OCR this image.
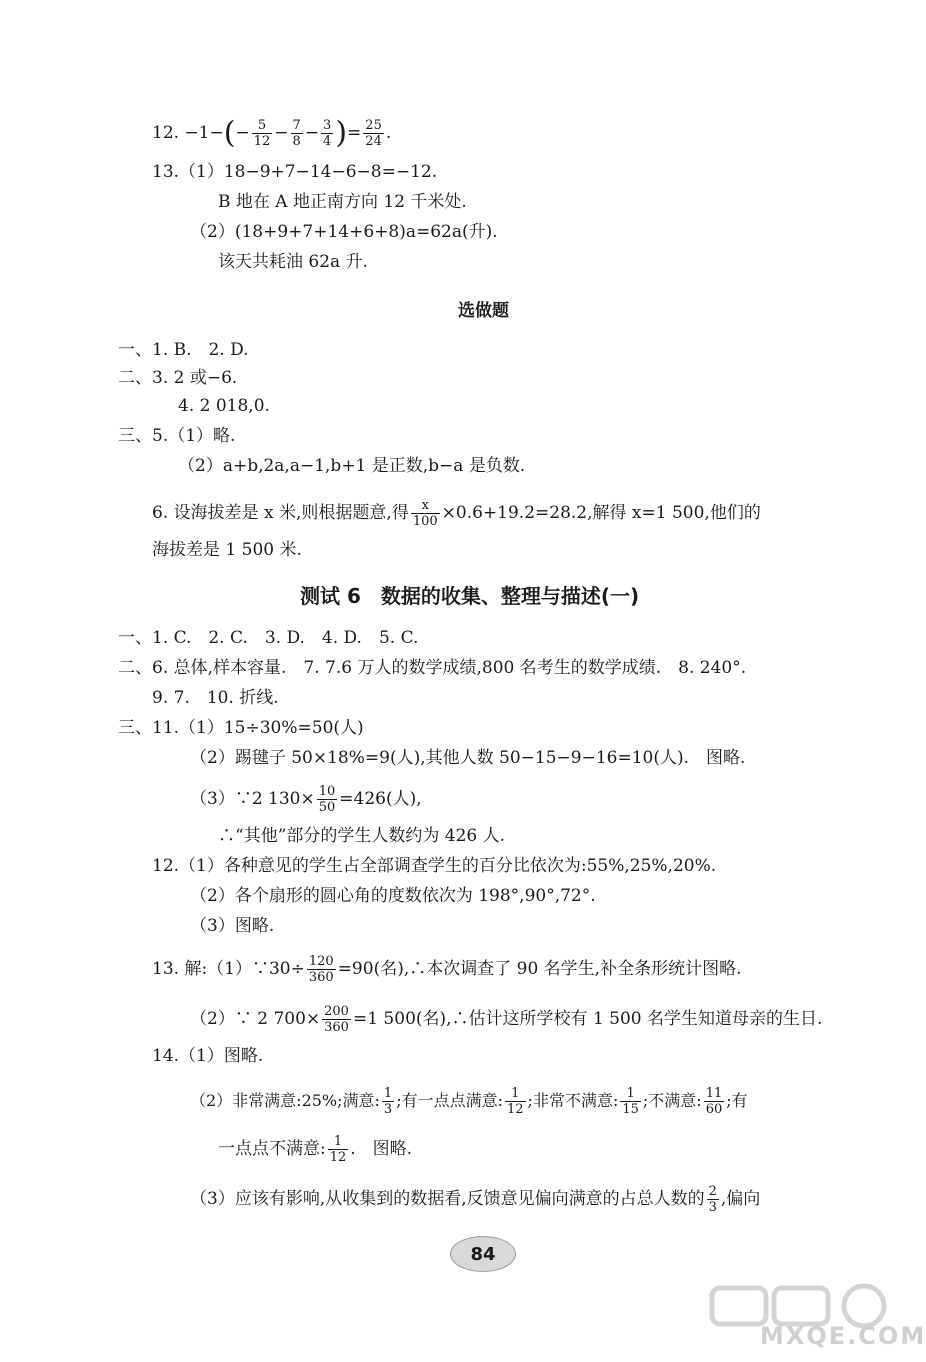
12. $-1-(- \frac{5}{12} - \frac{7}{8} - \frac{3}{4}$ )= $\frac{25}{24}$ .
13.（1）18−9+7−14−6−8=−12.
B 地在 A 地正南方向 12 千米处.
（2）(18+9+7+14+6+8)a=62a(升).
该天共耗油 62a 升.
选做题
一、1. B.　2. D.
二、3. 2 或−6.
4. 2 018,0.
三、5.（1）略.
（2）a+b,2a,a−1,b+1 是正数,b−a 是负数.
6. 设海拔差是 x 米,则根据题意,得 $\frac{x}{100} \times 0.6+19.2=28.2$,解得 x=1 500,他们的
海拔差是 1 500 米.
测试 6　数据的收集、整理与描述(一)
一、1. C.　2. C.　3. D.　4. D.　5. C.
二、6. 总体,样本容量.　7. 7.6 万人的数学成绩,800 名考生的数学成绩.　8. 240°.
9. 7.　10. 折线.
三、11.（1）15÷30%=50(人)
（2）踢毽子 50×18%=9(人),其他人数 50−15−9−16=10(人).　图略.
（3）∵2 $130\times \frac{10}{50} =426$(人),
∴“其他”部分的学生人数约为 426 人.
12.（1）各种意见的学生占全部调查学生的百分比依次为:55%,25%,20%.
（2）各个扇形的圆心角的度数依次为 198°,90°,72°.
（3）图略.
13. 解:（1）∵30÷ $\frac{120}{360} =90$(名),∴本次调查了 90 名学生,补全条形统计图略.
（2）∵ 2 $700\times \frac{200}{360} =1$ 500(名),∴估计这所学校有 1 500 名学生知道母亲的生日.
14.（1）图略.
（2）非常满意:25%;满意: $\frac{1}{3}$ ;有一点点满意: $\frac{1}{12}$ ;非常不满意: $\frac{1}{15}$ ;不满意: $\frac{11}{60}$ ;有
一点点不满意: $\frac{1}{12}$ .　图略.
（3）应该有影响,从收集到的数据看,反馈意见偏向满意的占总人数的 $\frac{2}{3}$ ,偏向
84
MXQE.COM
